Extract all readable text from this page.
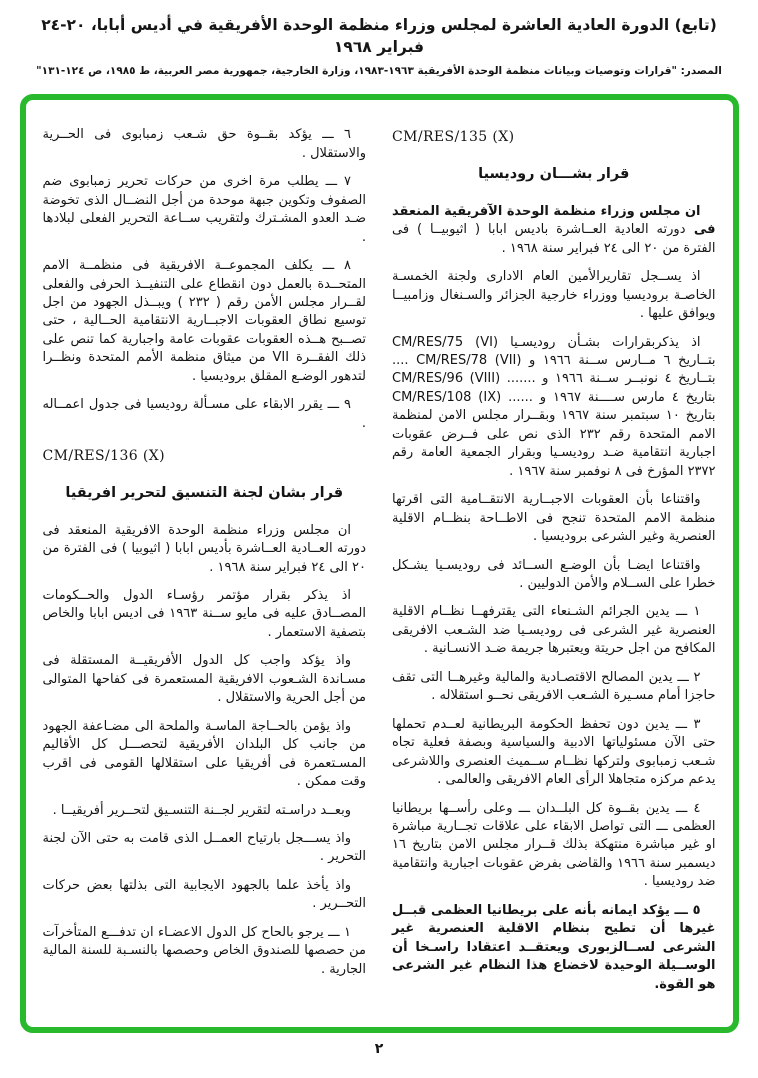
(تابع) الدورة العادية العاشرة لمجلس وزراء منظمة الوحدة الأفريقية في أديس أبابا، ٢٠-٢٤ فبراير ١٩٦٨
المصدر: "قرارات وتوصيات وبيانات منظمة الوحدة الأفريقية ١٩٦٣-١٩٨٣، وزارة الخارجية، جمهورية مصر العربية، ط ١٩٨٥، ص ١٢٤-١٣١"
CM/RES/135 (X)
قرار بشـــان روديسيا
ان مجلس وزراء منظمة الوحدة الآفريقية المنعقد فى دورته العادية العــاشرة باديس ابابا ( اثيوبيــا ) فى الفترة من ٢٠ الى ٢٤ فبراير سنة ١٩٦٨ .
اذ يســجل تقاريرالأمين العام الادارى ولجنة الخمسـة الخاصـة بروديسيا ووزراء خارجية الجزائر والسـنغال وزامبيــا ويوافق عليها .
اذ يذكربقرارات بشـأن روديسـيا CM/RES/75 (VI) بتــاريخ ٦ مــارس ســنة ١٩٦٦ و CM/RES/78 (VII) .... بتــاريخ ٤ نونبــر ســنة ١٩٦٦ و ....... CM/RES/96 (VIII) بتاريخ ٤ مارس ســــنة ١٩٦٧ و ...... CM/RES/108 (IX) بتاريخ ١٠ سبتمبر سنة ١٩٦٧ وبقــرار مجلس الامن لمنظمة الامم المتحدة رقم ٢٣٢ الذى نص على فــرض عقوبات اجبارية انتقامية ضـد روديسـيا وبقرار الجمعية العامة رقم ٢٣٧٢ المؤرخ فى ٨ نوفمبر سنة ١٩٦٧ .
واقتناعا بأن العقوبات الاجبــارية الانتقــامية التى اقرتها منظمة الامم المتحدة تنجح فى الاطــاحة بنظــام الاقلية العنصرية وغير الشرعى بروديسيا .
واقتناعا ايضـا بأن الوضـع الســائد فى روديسـيا يشـكل خطرا على الســلام والأمن الدوليين .
١ ـــ يدين الجرائم الشـنعاء التى يقترفهــا نظــام الاقلية العنصرية غير الشرعى فى روديسـيا ضد الشـعب الافريقى المكافح من اجل حريتة ويعتبرها جريمة ضـد الانسـانية .
٢ ـــ يدين المصالح الاقتصـادية والمالية وغيرهــا التى تقف حاجزا أمام مسـيرة الشـعب الافريقى نحــو استقلاله .
٣ ـــ يدين دون تحفظ الحكومة البريطانية لعــدم تحملها حتى الآن مسئولياتها الادبية والسياسية وبصفة فعلية تجاه شـعب زمبابوى ولتركها نظــام ســميث العنصرى واللاشرعى يدعم مركزه متجاهلا الرأى العام الافريقى والعالمى .
٤ ـــ يدين بقــوة كل البلــدان ـــ وعلى رأســها بريطانيا العظمى ـــ التى تواصل الابقاء على علاقات تجــارية مباشرة او غير مباشرة منتهكة بذلك قــرار مجلس الامن بتاريخ ١٦ ديسمبر سنة ١٩٦٦ والقاضى بفرض عقوبات اجبارية وانتقامية ضد روديسيا .
٥ ـــ يؤكد ايمانه بأنه على بريطانيا العظمى قبــل غيرها أن تطيح بنظام الاقلية العنصرية غير الشرعى لســالزبورى ويعتقــد اعتقادا راسـخا أن الوســيلة الوحيدة لاخضاع هذا النظام غير الشرعى هو القوة.
٦ ـــ يؤكد بقــوة حق شـعب زمبابوى فى الحــرية والاستقلال .
٧ ـــ يطلب مرة اخرى من حركات تحرير زمبابوى ضم الصفوف وتكوين جبهة موحدة من أجل النضــال الذى تخوضة ضـد العدو المشـترك ولتقريب ســاعة التحرير الفعلى لبلادها .
٨ ـــ يكلف المجموعــة الافريقية فى منظمــة الامم المتحــدة بالعمل دون انقطاع على التنفيــذ الحرفى والفعلى لقــرار مجلس الأمن رقم ( ٢٣٢ ) ويبــذل الجهود من اجل توسيع نطاق العقوبات الاجبــارية الانتقامية الحــالية ، حتى تصــبح هــذه العقوبات عقوبات عامة واجبارية كما تنص على ذلك الفقــرة VII من ميثاق منظمة الأمم المتحدة ونظــرا لتدهور الوضـع المقلق بروديسيا .
٩ ـــ يقرر الابقاء على مسـألة روديسيا فى جدول اعمــاله .
CM/RES/136 (X)
قرار بشان لجنة التنسيق لتحرير افريقيا
ان مجلس وزراء منظمة الوحدة الافريقية المنعقد فى دورته العــادية العــاشرة بأديس ابابا ( اثيوبيا ) فى الفترة من ٢٠ الى ٢٤ فبراير سنة ١٩٦٨ .
اذ يذكر بقرار مؤتمر رؤسـاء الدول والحــكومات المصــادق عليه فى مايو ســنة ١٩٦٣ فى اديس ابابا والخاص بتصفية الاستعمار .
واذ يؤكد واجب كل الدول الأفريقيــة المستقلة فى مسـاندة الشـعوب الافريقية المستعمرة فى كفاحها المتوالى من أجل الحرية والاستقلال .
واذ يؤمن بالحــاجة الماسـة والملحة الى مضـاعفة الجهود من جانب كل البلدان الأفريقية لتحصـــل كل الأقاليم المسـتعمرة فى أفريقيا على استقلالها القومى فى اقرب وقت ممكن .
وبعــد دراسـته لتقرير لجــنة التنسـيق لتحــرير أفريقيــا .
واذ يســـجل بارتياح العمــل الذى قامت به حتى الآن لجنة التحرير .
واذ يأخذ علما بالجهود الايجابية التى بذلتها بعض حركات التحــرير .
١ ـــ يرجو بالحاح كل الدول الاعضـاء ان تدفـــع المتأخرآت من حصصها للصندوق الخاص وحصصها بالنسـبة للسنة المالية الجارية .
٢
